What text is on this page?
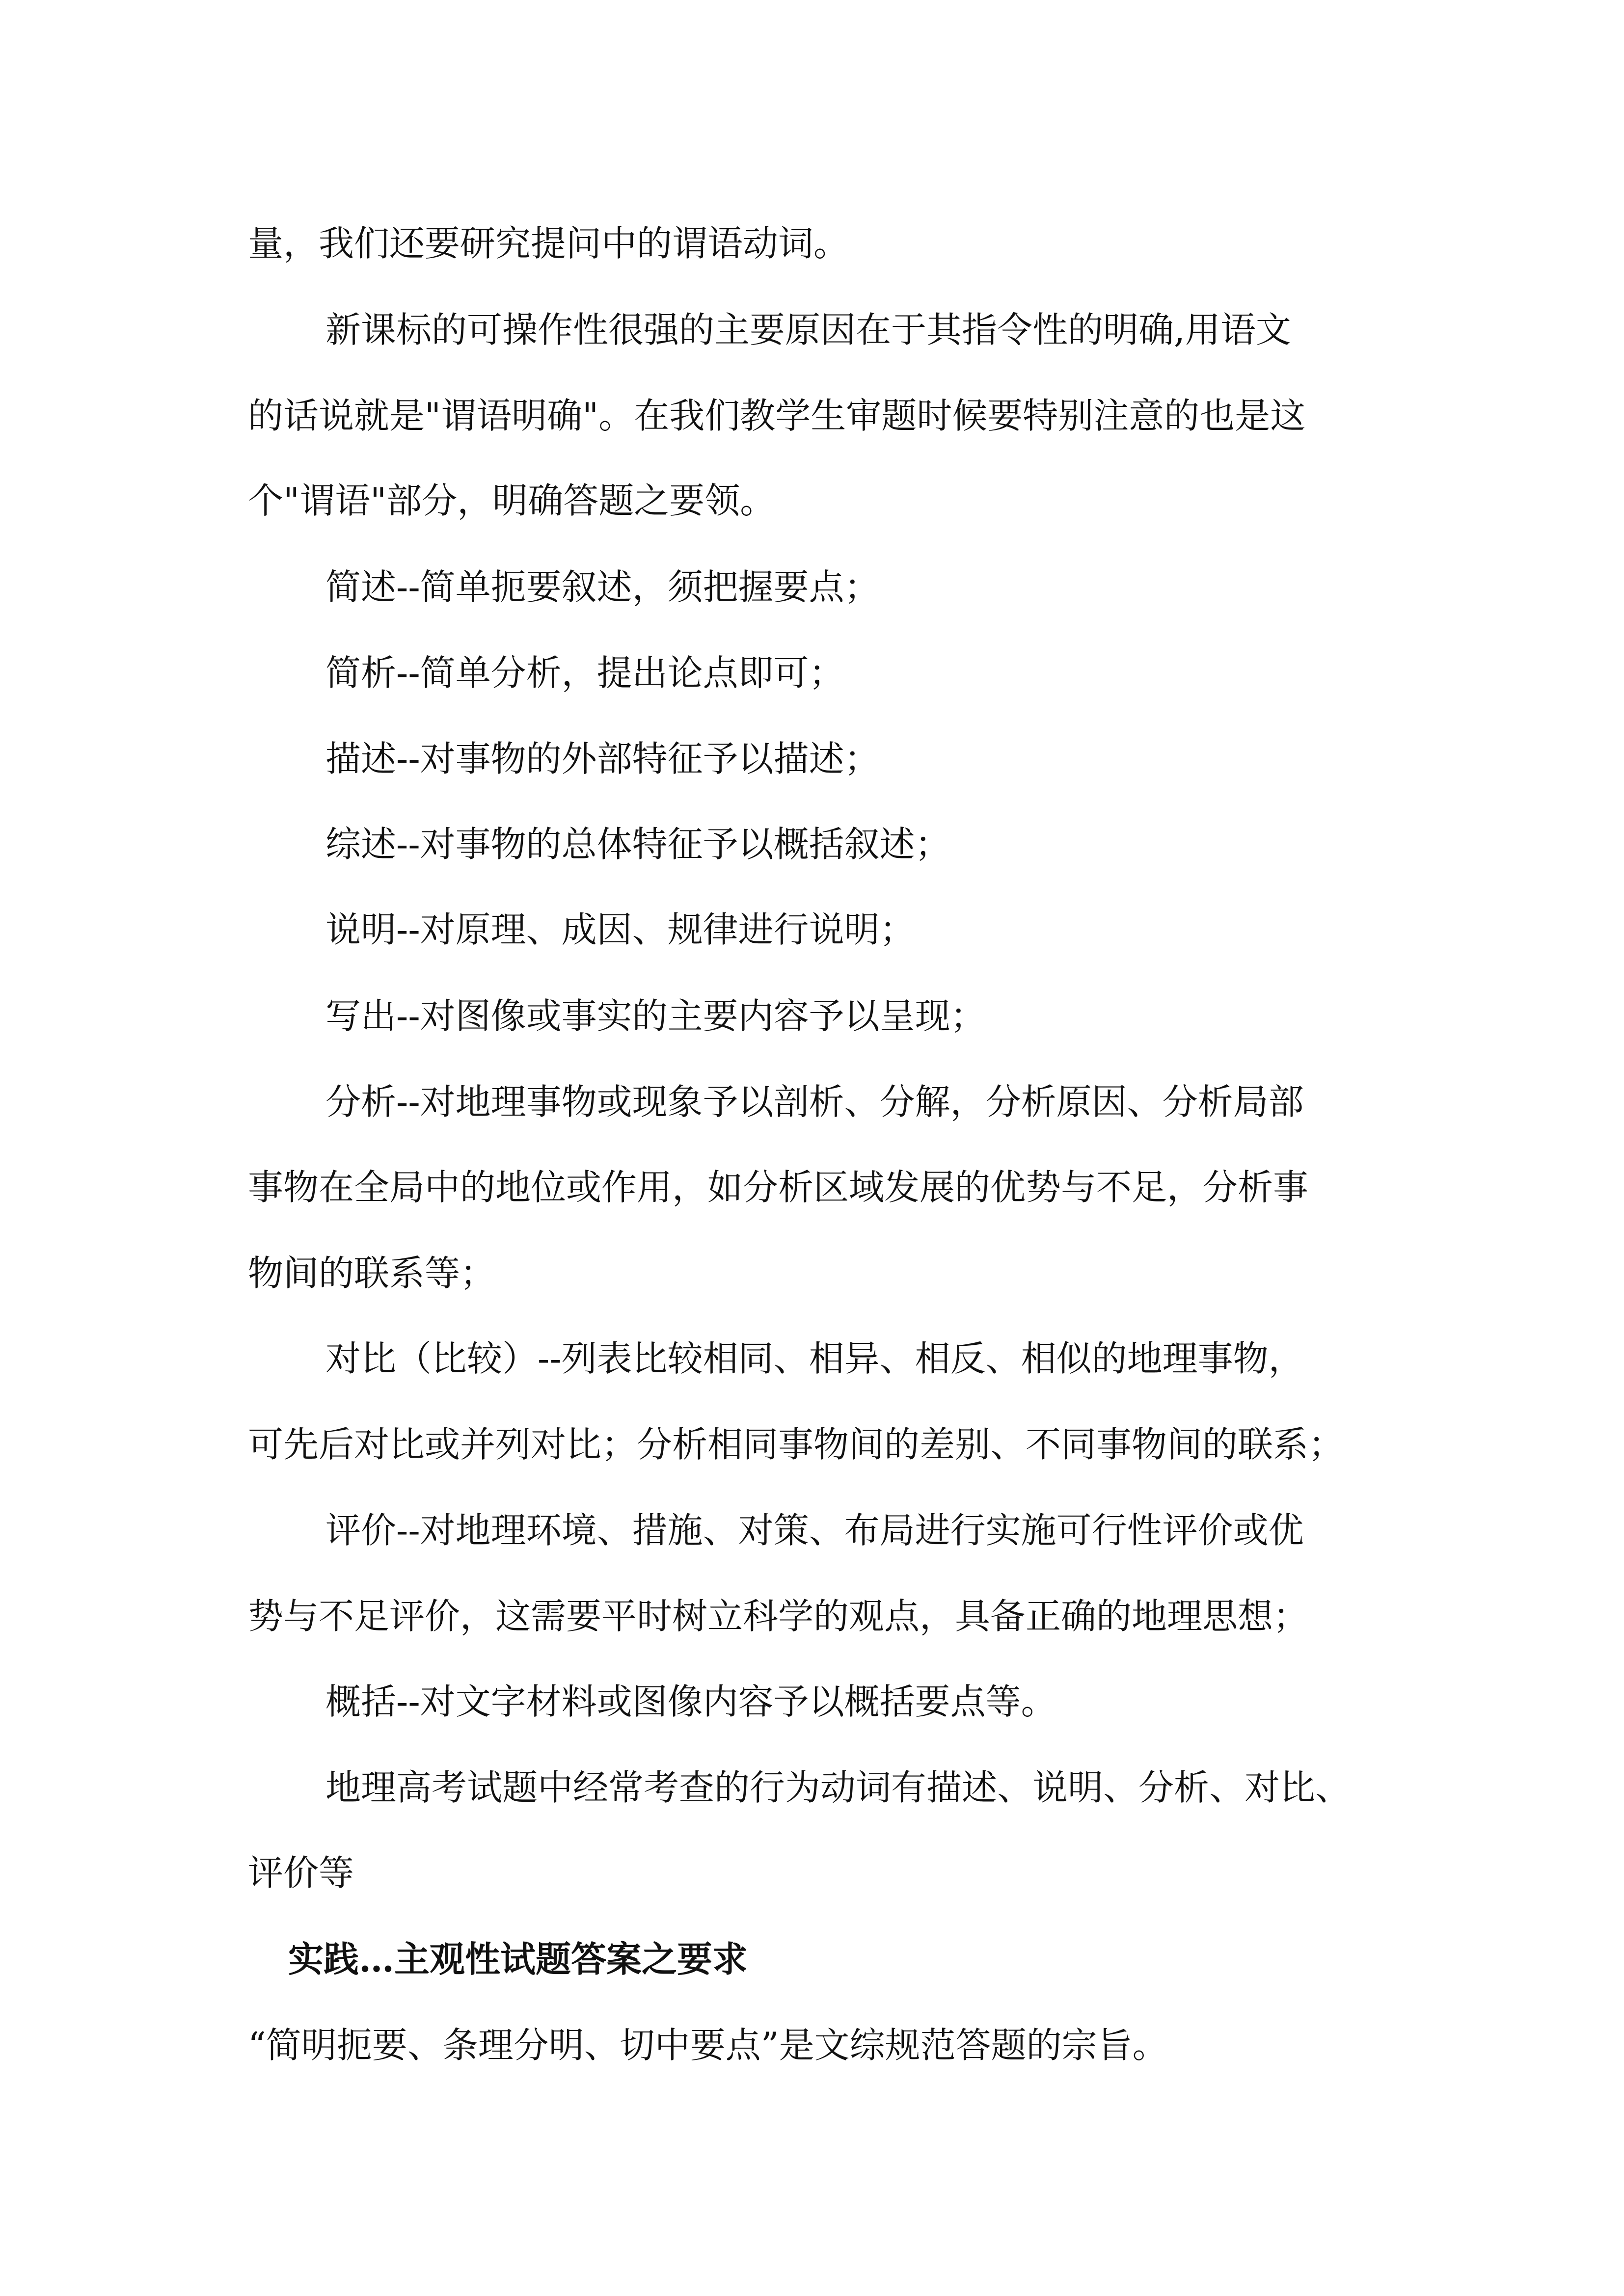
量，我们还要研究提问中的谓语动词。
新课标的可操作性很强的主要原因在于其指令性的明确,用语文
的话说就是"谓语明确"。在我们教学生审题时候要特别注意的也是这
个"谓语"部分，明确答题之要领。
简述--简单扼要叙述，须把握要点；
简析--简单分析，提出论点即可；
描述--对事物的外部特征予以描述；
综述--对事物的总体特征予以概括叙述；
说明--对原理、成因、规律进行说明；
写出--对图像或事实的主要内容予以呈现；
分析--对地理事物或现象予以剖析、分解，分析原因、分析局部
事物在全局中的地位或作用，如分析区域发展的优势与不足，分析事
物间的联系等；
对比（比较）--列表比较相同、相异、相反、相似的地理事物，
可先后对比或并列对比；分析相同事物间的差别、不同事物间的联系；
评价--对地理环境、措施、对策、布局进行实施可行性评价或优
势与不足评价，这需要平时树立科学的观点，具备正确的地理思想；
概括--对文字材料或图像内容予以概括要点等。
地理高考试题中经常考查的行为动词有描述、说明、分析、对比、
评价等
实践…主观性试题答案之要求
“简明扼要、条理分明、切中要点”是文综规范答题的宗旨。
